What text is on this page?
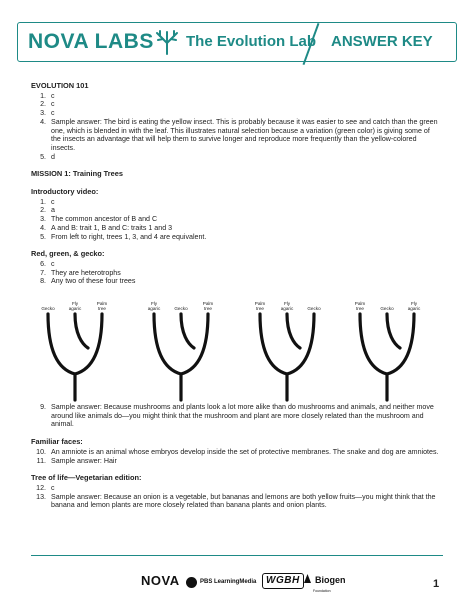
NOVA LABS The Evolution Lab ANSWER KEY
EVOLUTION 101
1. c
2. c
3. c
4. Sample answer: The bird is eating the yellow insect. This is probably because it was easier to see and catch than the green one, which is blended in with the leaf. This illustrates natural selection because a variation (green color) is giving some of the insects an advantage that will help them to survive longer and reproduce more frequently than the yellow-colored insects.
5. d
MISSION 1: Training Trees
Introductory video:
1. c
2. a
3. The common ancestor of B and C
4. A and B: trait 1, B and C: traits 1 and 3
5. From left to right, trees 1, 3, and 4 are equivalent.
Red, green, & gecko:
6. c
7. They are heterotrophs
8. Any two of these four trees
9. Sample answer: Because mushrooms and plants look a lot more alike than do mushrooms and animals, and neither move around like animals do—you might think that the mushroom and plant are more closely related than the mushroom and animal.
Familiar faces:
10. An amniote is an animal whose embryos develop inside the set of protective membranes. The snake and dog are amniotes.
11. Sample answer: Hair
Tree of life—Vegetarian edition:
12. c
13. Sample answer: Because an onion is a vegetable, but bananas and lemons are both yellow fruits—you might think that the banana and lemon plants are more closely related than banana plants and onion plants.
Gecko
Fly
agaric
Palm
tree
Fly
agaric	Gecko
Palm
tree
Palm
tree
Fly
agaric	Gecko
Palm
tree	Gecko
Fly
agaric
NOVA	PBS LearningMedia WGBH	Biogen
Foundation
1
